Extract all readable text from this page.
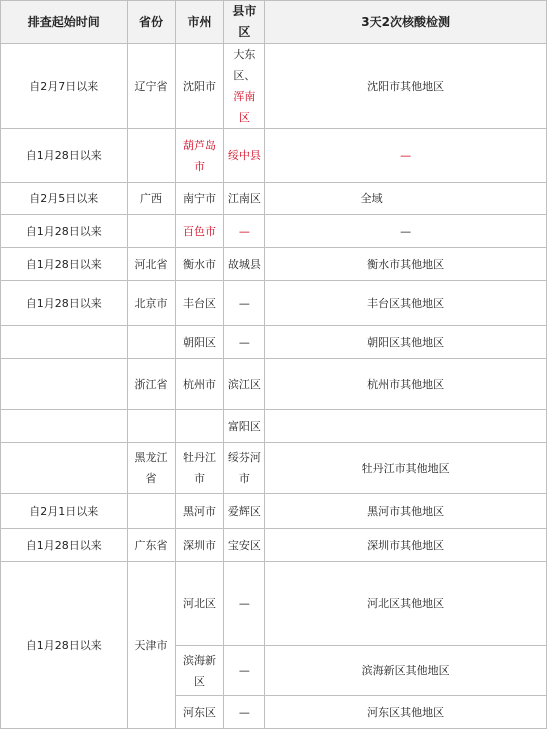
排查起始时间	省份	市州	县市区	3天2次核酸检测
自2月7日以来	辽宁省	沈阳市	大东区、浑南区	沈阳市其他地区
自1月28日以来		葫芦岛市	绥中县	—
自2月5日以来	广西	南宁市	江南区	全域
自1月28日以来		百色市	—	—
自1月28日以来	河北省	衡水市	故城县	衡水市其他地区
自1月28日以来	北京市	丰台区	—	丰台区其他地区
		朝阳区	—	朝阳区其他地区
	浙江省	杭州市	滨江区	杭州市其他地区
			富阳区	
	黑龙江省	牡丹江市	绥芬河市	牡丹江市其他地区
自2月1日以来		黑河市	爱辉区	黑河市其他地区
自1月28日以来	广东省	深圳市	宝安区	深圳市其他地区
自1月28日以来	天津市	河北区	—	河北区其他地区
		滨海新区	—	滨海新区其他地区
		河东区	—	河东区其他地区
